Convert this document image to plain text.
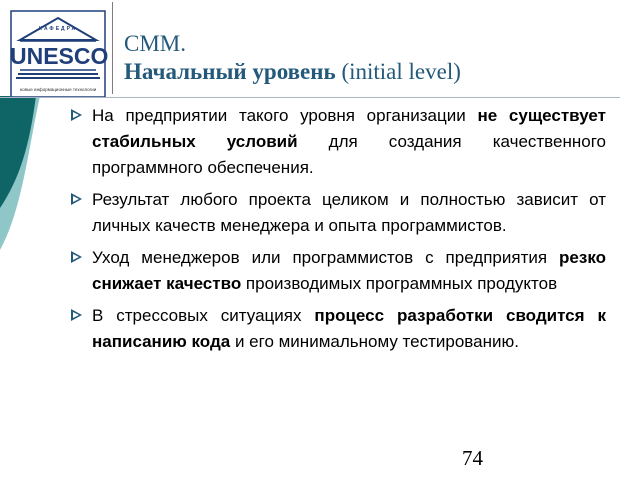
КАФЕДРА
UNESCO
новые информационные технологии
CMM.
Начальный уровень (initial level)
На предприятии такого уровня организации не существует стабильных условий для создания качественного программного обеспечения.
Результат любого проекта целиком и полностью зависит от личных качеств менеджера и опыта программистов.
Уход менеджеров или программистов с предприятия резко снижает качество производимых программных продуктов
В стрессовых ситуациях процесс разработки сводится к написанию кода и его минимальному тестированию.
74
